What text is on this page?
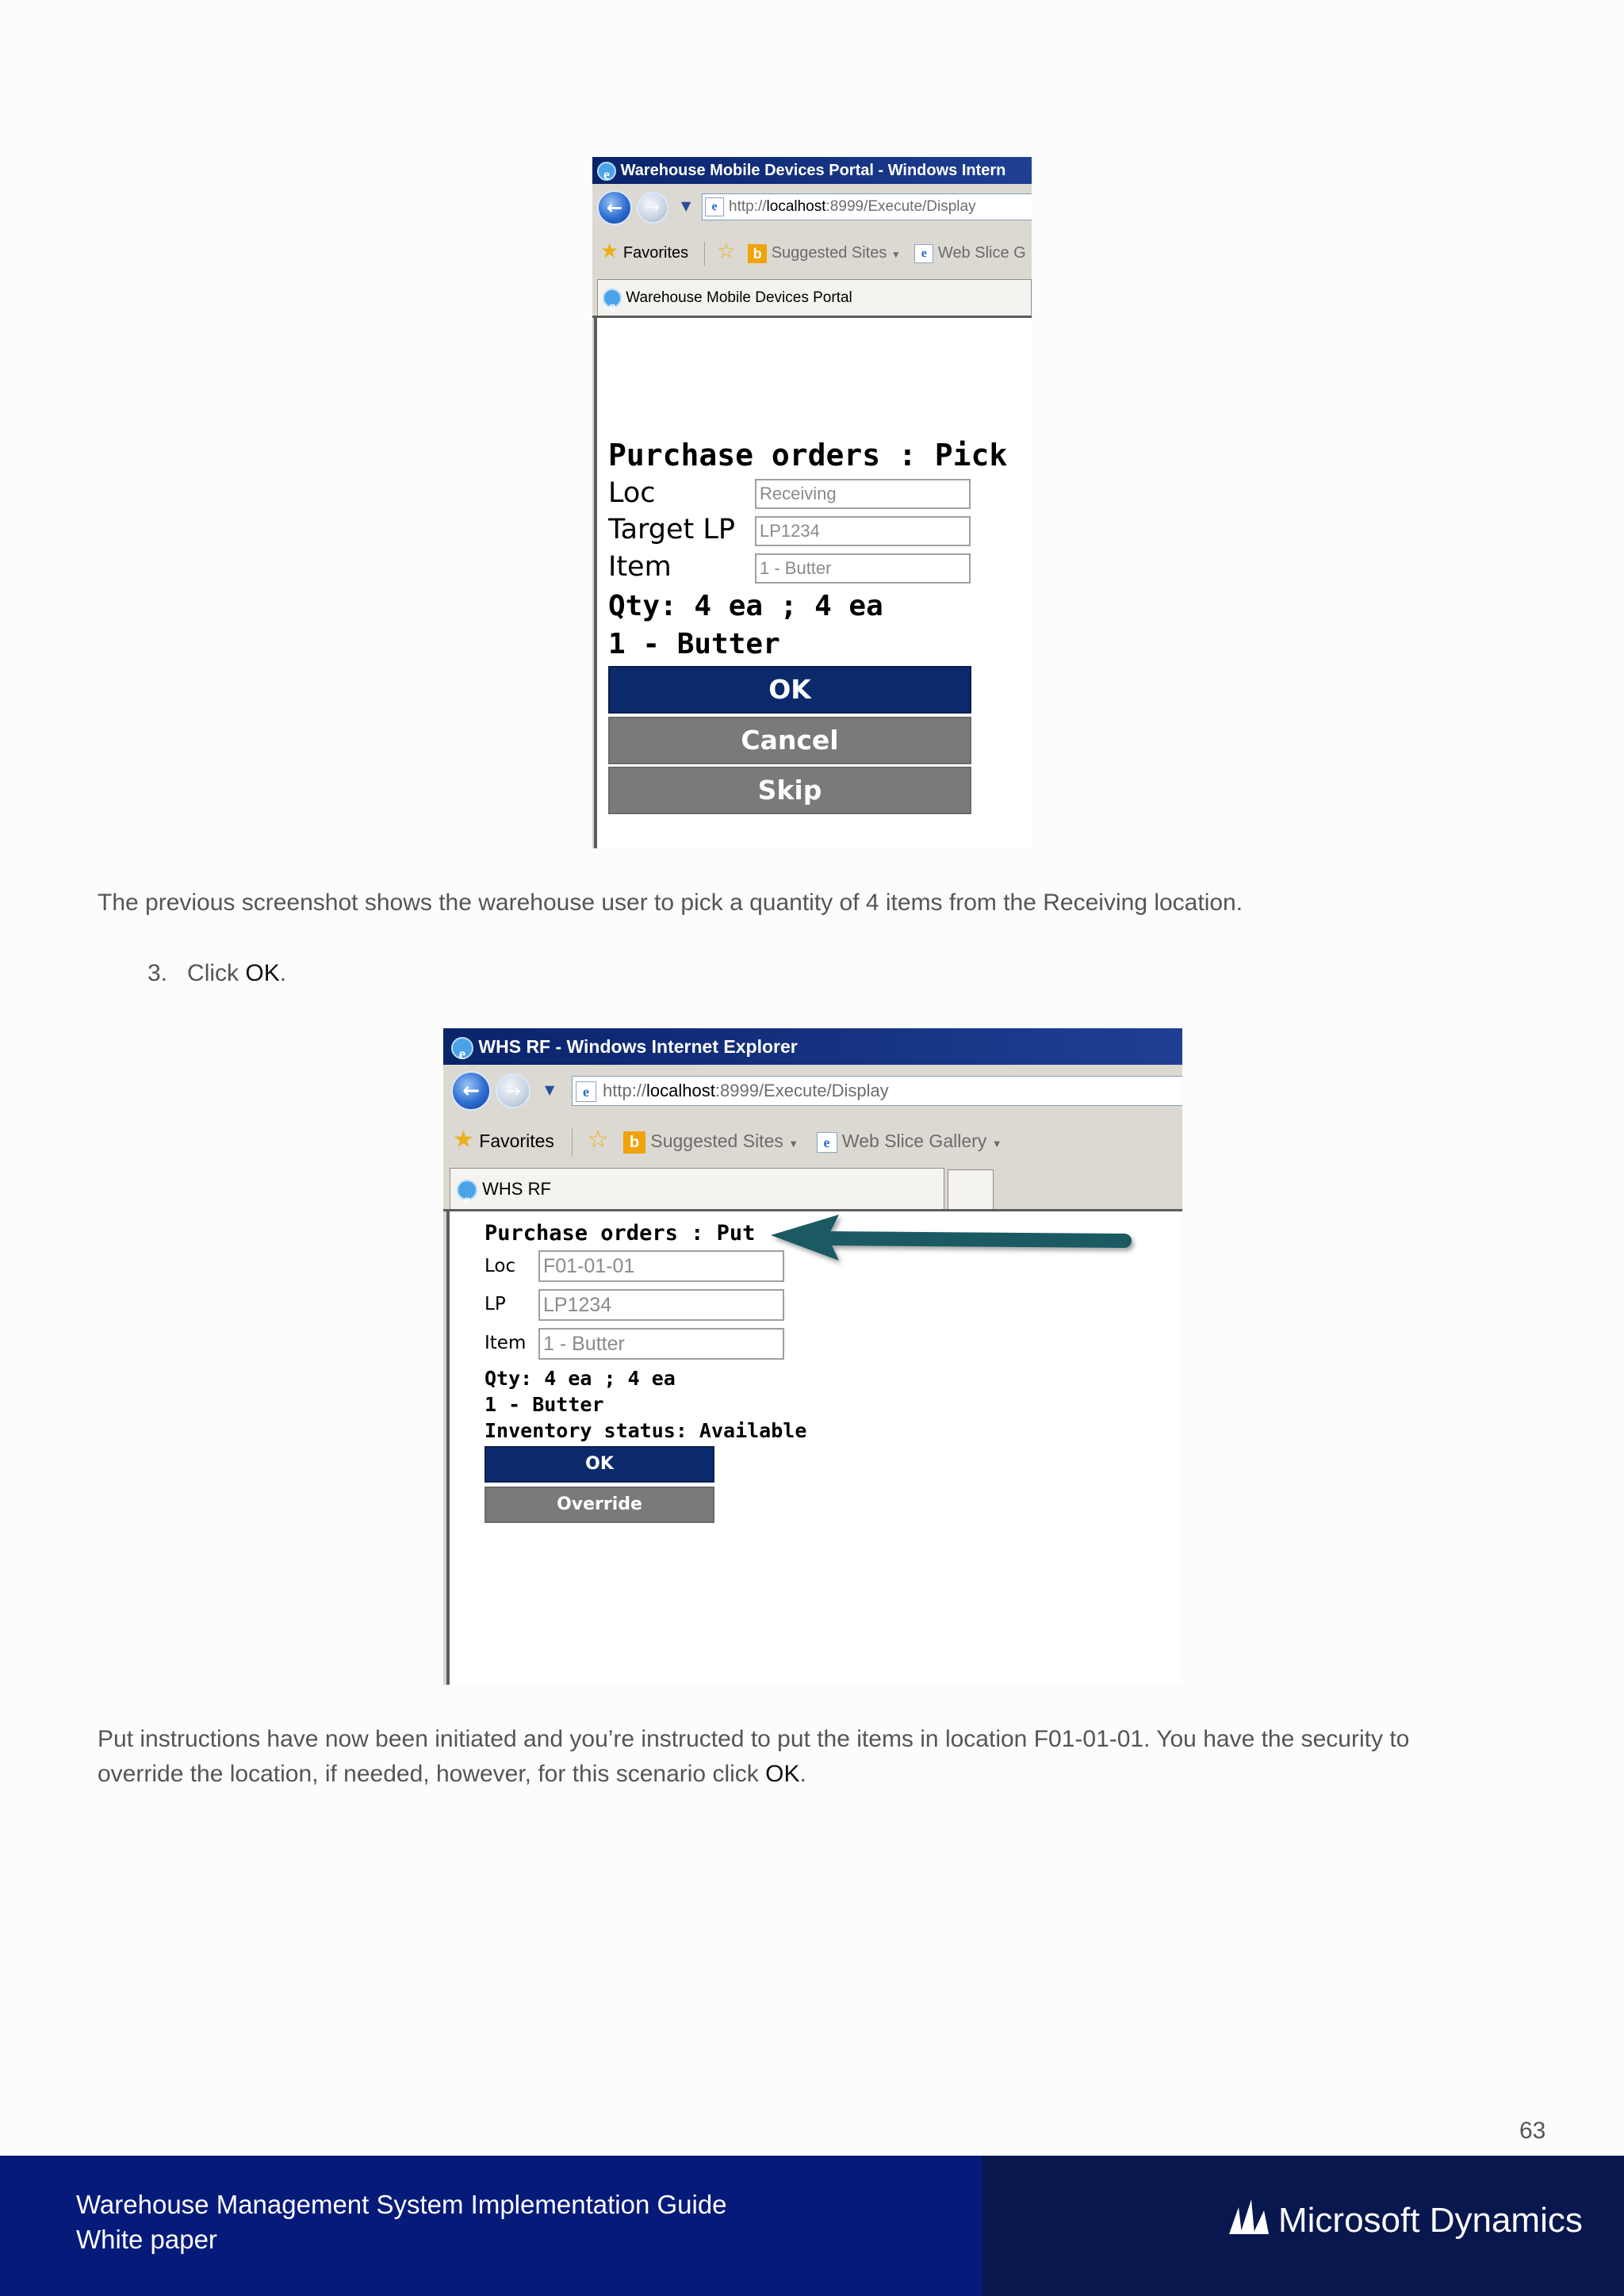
e Warehouse Mobile Devices Portal - Windows Intern
←	→	▼	e http://localhost:8999/Execute/Display
★ Favorites ☆ b Suggested Sites ▼ e Web Slice G
e Warehouse Mobile Devices Portal
Purchase orders : Pick
Loc	Receiving
Target LP LP1234
Item	1 - Butter
Qty: 4 ea ; 4 ea
1 - Butter
OK
Cancel
Skip
The previous screenshot shows the warehouse user to pick a quantity of 4 items from the Receiving location.
3. Click OK.
e WHS RF - Windows Internet Explorer
←	→	▼	e http://localhost:8999/Execute/Display
★ Favorites ☆ b Suggested Sites ▼ e Web Slice Gallery ▼
e WHS RF
Purchase orders : Put
Loc F01-01-01
LP LP1234
Item 1 - Butter
Qty: 4 ea ; 4 ea
1 - Butter
Inventory status: Available
OK
Override
Put instructions have now been initiated and you’re instructed to put the items in location F01-01-01. You have the security to
override the location, if needed, however, for this scenario click OK.
63
Warehouse Management System Implementation Guide
White paper	Microsoft Dynamics
